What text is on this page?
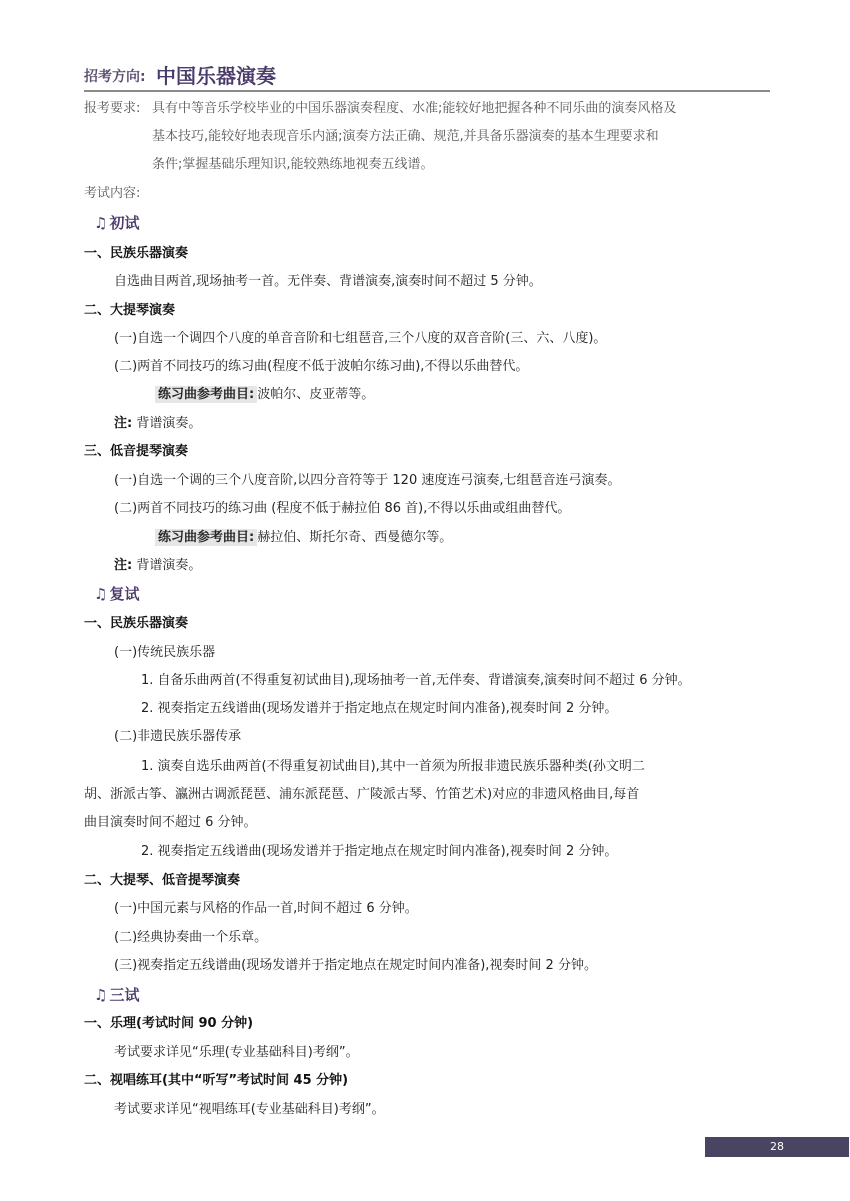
招考方向: 中国乐器演奏
报考要求: 具有中等音乐学校毕业的中国乐器演奏程度、水准;能较好地把握各种不同乐曲的演奏风格及
基本技巧,能较好地表现音乐内涵;演奏方法正确、规范,并具备乐器演奏的基本生理要求和
条件;掌握基础乐理知识,能较熟练地视奏五线谱。
考试内容:
♫ 初试
一、民族乐器演奏
自选曲目两首,现场抽考一首。无伴奏、背谱演奏,演奏时间不超过 5 分钟。
二、大提琴演奏
(一)自选一个调四个八度的单音音阶和七组琶音,三个八度的双音音阶(三、六、八度)。
(二)两首不同技巧的练习曲(程度不低于波帕尔练习曲),不得以乐曲替代。
练习曲参考曲目: 波帕尔、皮亚蒂等。
注: 背谱演奏。
三、低音提琴演奏
(一)自选一个调的三个八度音阶,以四分音符等于 120 速度连弓演奏,七组琶音连弓演奏。
(二)两首不同技巧的练习曲 (程度不低于赫拉伯 86 首),不得以乐曲或组曲替代。
练习曲参考曲目: 赫拉伯、斯托尔奇、西曼德尔等。
注: 背谱演奏。
♫ 复试
一、民族乐器演奏
(一)传统民族乐器
1. 自备乐曲两首(不得重复初试曲目),现场抽考一首,无伴奏、背谱演奏,演奏时间不超过 6 分钟。
2. 视奏指定五线谱曲(现场发谱并于指定地点在规定时间内准备),视奏时间 2 分钟。
(二)非遗民族乐器传承
1. 演奏自选乐曲两首(不得重复初试曲目),其中一首须为所报非遗民族乐器种类(孙文明二
胡、浙派古筝、瀛洲古调派琵琶、浦东派琵琶、广陵派古琴、竹笛艺术)对应的非遗风格曲目,每首
曲目演奏时间不超过 6 分钟。
2. 视奏指定五线谱曲(现场发谱并于指定地点在规定时间内准备),视奏时间 2 分钟。
二、大提琴、低音提琴演奏
(一)中国元素与风格的作品一首,时间不超过 6 分钟。
(二)经典协奏曲一个乐章。
(三)视奏指定五线谱曲(现场发谱并于指定地点在规定时间内准备),视奏时间 2 分钟。
♫ 三试
一、乐理(考试时间 90 分钟)
考试要求详见“乐理(专业基础科目)考纲”。
二、视唱练耳(其中“听写”考试时间 45 分钟)
考试要求详见“视唱练耳(专业基础科目)考纲”。
28
